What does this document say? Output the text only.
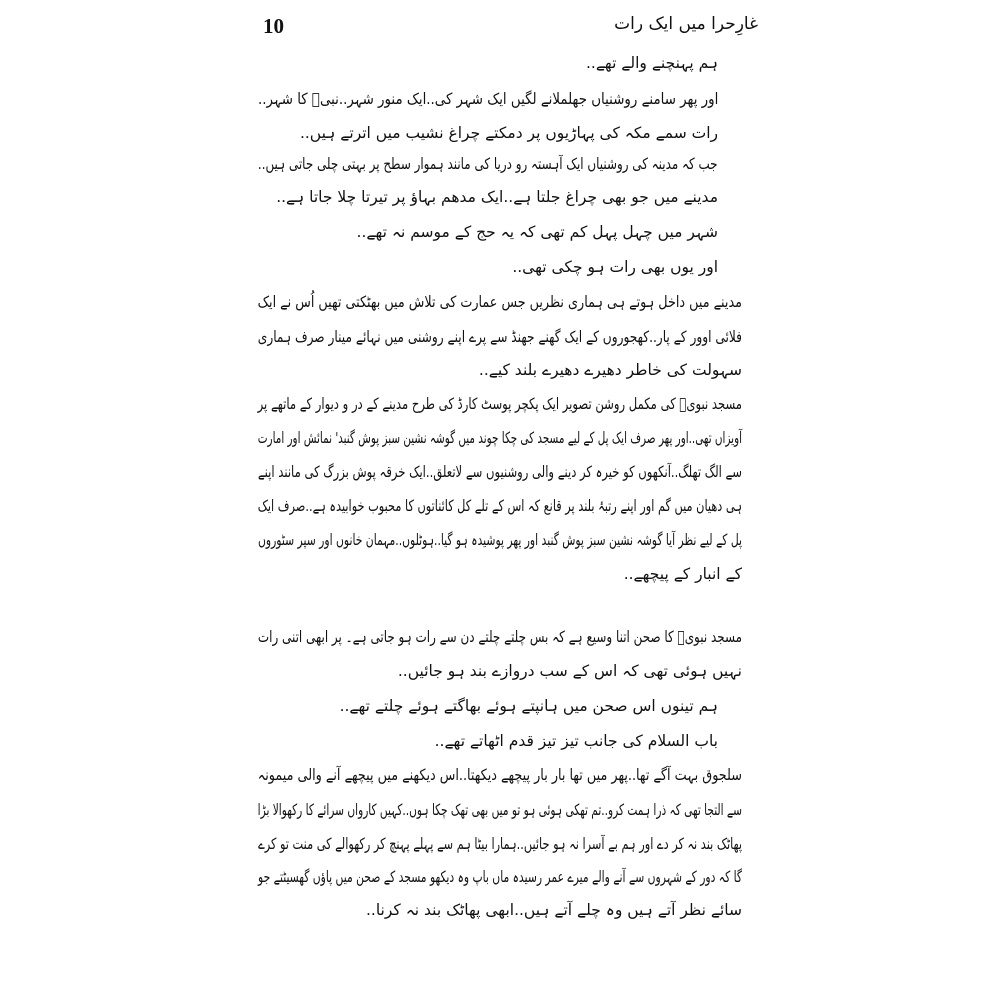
10	غارِحرا میں ایک رات
ہم پہنچنے والے تھے..
اور پھر سامنے روشنیاں جھلملانے لگیں ایک شہر کی..ایک منور شہر..نبیؐ کا شہر..
رات سمے مکہ کی پہاڑیوں پر دمکتے چراغ نشیب میں اترتے ہیں..
جب کہ مدینہ کی روشنیاں ایک آہستہ رو دریا کی مانند ہموار سطح پر بہتی چلی جاتی ہیں..
مدینے میں جو بھی چراغ جلتا ہے..ایک مدھم بہاؤ پر تیرتا چلا جاتا ہے..
شہر میں چہل پہل کم تھی کہ یہ حج کے موسم نہ تھے..
اور یوں بھی رات ہو چکی تھی..
مدینے میں داخل ہوتے ہی ہماری نظریں جس عمارت کی تلاش میں بھٹکتی تھیں اُس نے ایک
فلائی اوور کے پار..کھجوروں کے ایک گھنے جھنڈ سے پرے اپنے روشنی میں نہائے مینار صرف ہماری
سہولت کی خاطر دھیرے دھیرے بلند کیے..
مسجد نبویؐ کی مکمل روشن تصویر ایک پکچر پوسٹ کارڈ کی طرح مدینے کے در و دیوار کے ماتھے پر
آویزاں تھی..اور پھر صرف ایک پل کے لیے مسجد کی چکا چوند میں گوشہ نشین سبز پوش گنبد' نمائش اور امارت
سے الگ تھلگ..آنکھوں کو خیرہ کر دینے والی روشنیوں سے لاتعلق..ایک خرقہ پوش بزرگ کی مانند اپنے
ہی دھیان میں گم اور اپنے رتبۂ بلند پر قانع کہ اس کے تلے کل کائناتوں کا محبوب خوابیدہ ہے..صرف ایک
پل کے لیے نظر آیا گوشہ نشین سبز پوش گنبد اور پھر پوشیدہ ہو گیا..ہوٹلوں..مہمان خانوں اور سپر سٹوروں
کے انبار کے پیچھے..
مسجد نبویؐ کا صحن اتنا وسیع ہے کہ بس چلتے چلتے دن سے رات ہو جاتی ہے۔ پر ابھی اتنی رات
نہیں ہوئی تھی کہ اس کے سب دروازے بند ہو جائیں..
ہم تینوں اس صحن میں ہانپتے ہوئے بھاگتے ہوئے چلتے تھے..
باب السلام کی جانب تیز تیز قدم اٹھاتے تھے..
سلجوق بہت آگے تھا..پھر میں تھا بار بار پیچھے دیکھتا..اس دیکھنے میں پیچھے آنے والی میمونہ
سے التجا تھی کہ ذرا ہمت کرو..تم تھکی ہوئی ہو تو میں بھی تھک چکا ہوں..کہیں کارواں سرائے کا رکھوالا بڑا
پھاٹک بند نہ کر دے اور ہم بے آسرا نہ ہو جائیں..ہمارا بیٹا ہم سے پہلے پہنچ کر رکھوالے کی منت تو کرے
گا کہ دور کے شہروں سے آنے والے میرے عمر رسیدہ ماں باپ وہ دیکھو مسجد کے صحن میں پاؤں گھسیٹتے جو
سائے نظر آتے ہیں وہ چلے آتے ہیں..ابھی پھاٹک بند نہ کرنا..
